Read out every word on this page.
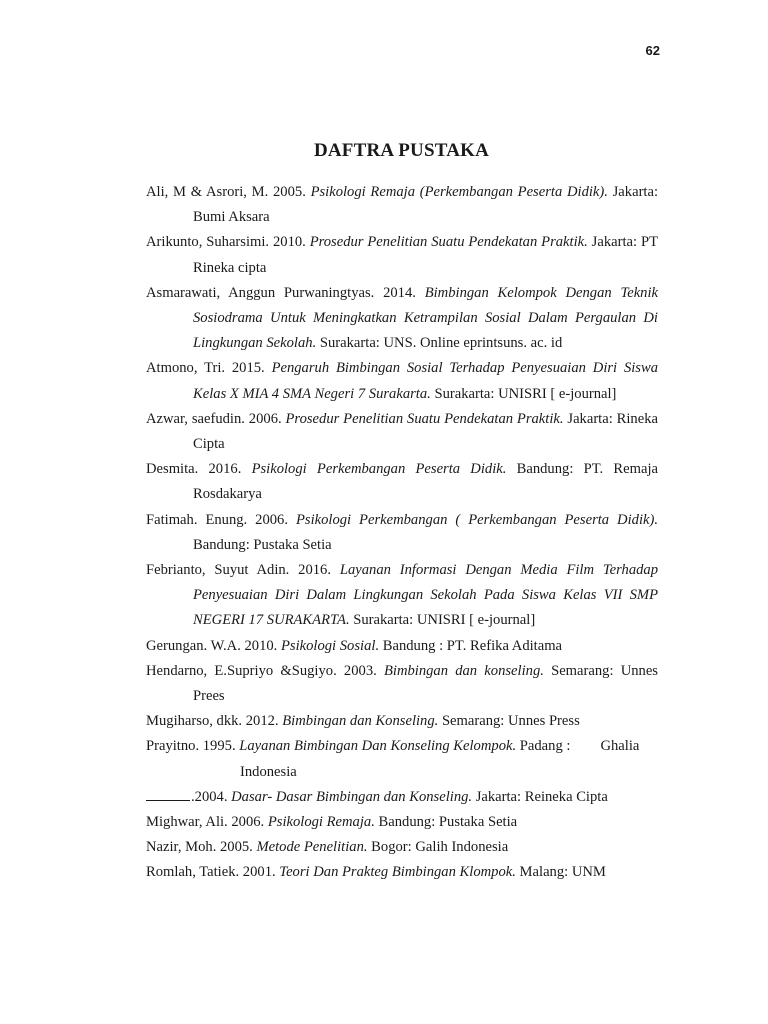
62
DAFTRA PUSTAKA
Ali, M & Asrori, M. 2005. Psikologi Remaja (Perkembangan Peserta Didik). Jakarta: Bumi Aksara
Arikunto, Suharsimi. 2010. Prosedur Penelitian Suatu Pendekatan Praktik. Jakarta: PT Rineka cipta
Asmarawati, Anggun Purwaningtyas. 2014. Bimbingan Kelompok Dengan Teknik Sosiodrama Untuk Meningkatkan Ketrampilan Sosial Dalam Pergaulan Di Lingkungan Sekolah. Surakarta: UNS. Online eprintsuns. ac. id
Atmono, Tri. 2015. Pengaruh Bimbingan Sosial Terhadap Penyesuaian Diri Siswa Kelas X MIA 4 SMA Negeri 7 Surakarta. Surakarta: UNISRI [ e-journal]
Azwar, saefudin. 2006. Prosedur Penelitian Suatu Pendekatan Praktik. Jakarta: Rineka Cipta
Desmita. 2016. Psikologi Perkembangan Peserta Didik. Bandung: PT. Remaja Rosdakarya
Fatimah. Enung. 2006. Psikologi Perkembangan ( Perkembangan Peserta Didik). Bandung: Pustaka Setia
Febrianto, Suyut Adin. 2016. Layanan Informasi Dengan Media Film Terhadap Penyesuaian Diri Dalam Lingkungan Sekolah Pada Siswa Kelas VII SMP NEGERI 17 SURAKARTA. Surakarta: UNISRI [ e-journal]
Gerungan. W.A. 2010. Psikologi Sosial. Bandung : PT. Refika Aditama
Hendarno, E.Supriyo &Sugiyo. 2003. Bimbingan dan konseling. Semarang: Unnes Prees
Mugiharso, dkk. 2012. Bimbingan dan Konseling. Semarang: Unnes Press
Prayitno. 1995. Layanan Bimbingan Dan Konseling Kelompok. Padang : Ghalia
Indonesia
.2004. Dasar- Dasar Bimbingan dan Konseling. Jakarta: Reineka Cipta
Mighwar, Ali. 2006. Psikologi Remaja. Bandung: Pustaka Setia
Nazir, Moh. 2005. Metode Penelitian. Bogor: Galih Indonesia
Romlah, Tatiek. 2001. Teori Dan Prakteg Bimbingan Klompok. Malang: UNM
